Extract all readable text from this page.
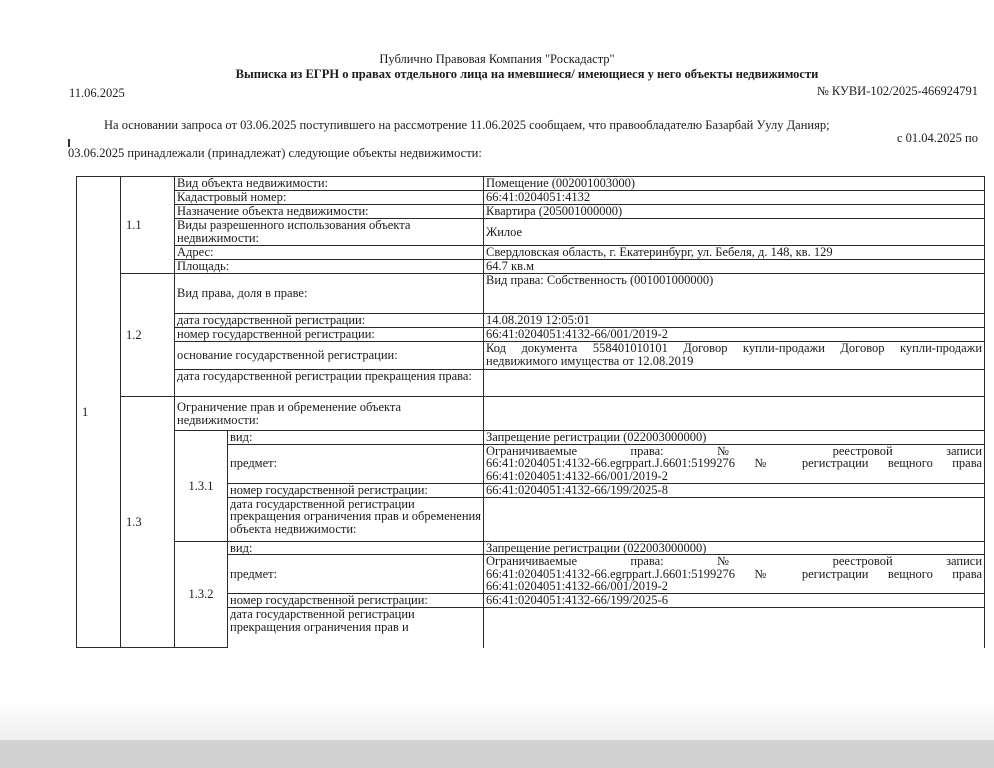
Публично Правовая Компания "Роскадастр"
Выписка из ЕГРН о правах отдельного лица на имевшиеся/ имеющиеся у него объекты недвижимости
11.06.2025	№ КУВИ-102/2025-466924791
На основании запроса от 03.06.2025 поступившего на рассмотрение 11.06.2025 сообщаем, что правообладателю Базарбай Уулу Данияр;
с 01.04.2025 по
03.06.2025 принадлежали (принадлежат) следующие объекты недвижимости:
1	1.1	Вид объекта недвижимости:		Помещение (002001003000)
		Кадастровый номер:		66:41:0204051:4132
		Назначение объекта недвижимости:		Квартира (205001000000)
		Виды разрешенного использования объекта недвижимости:		Жилое
		Адрес:		Свердловская область, г. Екатеринбург, ул. Бебеля, д. 148, кв. 129
		Площадь:		64.7 кв.м
	1.2	Вид права, доля в праве:		Вид права: Собственность (001001000000)
		дата государственной регистрации:		14.08.2019 12:05:01
		номер государственной регистрации:		66:41:0204051:4132-66/001/2019-2
		основание государственной регистрации:		Код документа 558401010101 Договор купли-продажи Договор купли-продажи
недвижимого имущества от 12.08.2019

		дата государственной регистрации прекращения права:		
	1.3	Ограничение прав и обременение объекта недвижимости:		
		1.3.1	вид:	Запрещение регистрации (022003000000)
			предмет:	Ограничиваемые права: № реестровой записи
66:41:0204051:4132-66.egrppart.J.6601:5199276 № регистрации вещного права
66:41:0204051:4132-66/001/2019-2

			номер государственной регистрации:	66:41:0204051:4132-66/199/2025-8
			дата государственной регистрации прекращения ограничения прав и обременения объекта недвижимости:	
		1.3.2	вид:	Запрещение регистрации (022003000000)
			предмет:	Ограничиваемые права: № реестровой записи
66:41:0204051:4132-66.egrppart.J.6601:5199276 № регистрации вещного права
66:41:0204051:4132-66/001/2019-2

			номер государственной регистрации:	66:41:0204051:4132-66/199/2025-6
			дата государственной регистрации прекращения ограничения прав и	
